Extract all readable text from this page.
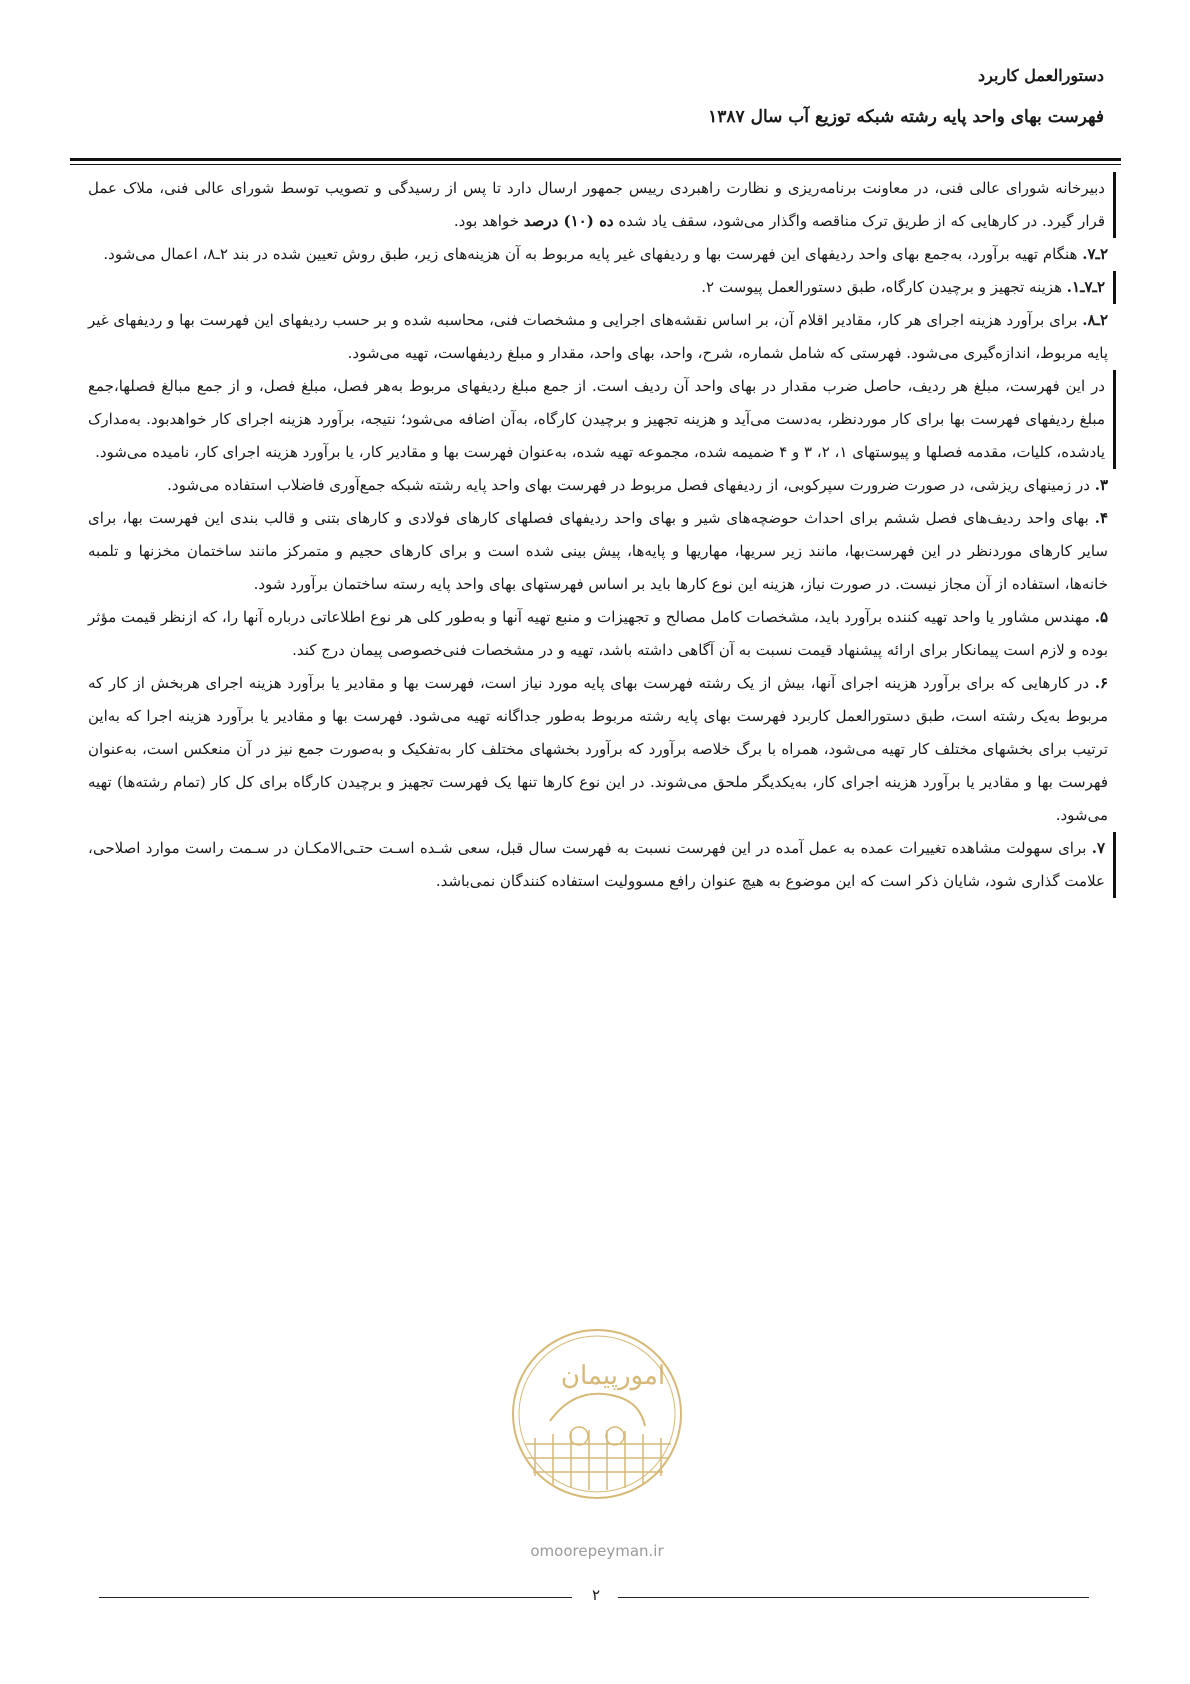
دستورالعمل کاربرد
فهرست بهای واحد پایه رشته شبکه توزیع آب سال ۱۳۸۷

دبیرخانه شورای عالی فنی، در معاونت برنامه‌ریزی و نظارت راهبردی رییس جمهور ارسال دارد تا پس از رسیدگی و تصویب توسط شورای عالی فنی، ملاک عمل قرار گیرد. در کارهایی که از طریق ترک مناقصه واگذار می‌شود، سقف یاد شده ده (۱۰) درصد خواهد بود.

۲ـ۷. هنگام تهیه برآورد، به‌جمع بهای واحد ردیفهای این فهرست بها و ردیفهای غیر پایه مربوط به آن هزینه‌های زیر، طبق روش تعیین شده در بند ۲ـ۸، اعمال می‌شود.

۲ـ۷ـ۱. هزینه تجهیز و برچیدن کارگاه، طبق دستورالعمل پیوست ۲.

۲ـ۸. برای برآورد هزینه اجرای هر کار، مقادیر اقلام آن، بر اساس نقشه‌های اجرایی و مشخصات فنی، محاسبه شده و بر حسب ردیفهای این فهرست بها و ردیفهای غیر پایه مربوط، اندازه‌گیری می‌شود. فهرستی که شامل شماره، شرح، واحد، بهای واحد، مقدار و مبلغ ردیفهاست، تهیه می‌شود.

در این فهرست، مبلغ هر ردیف، حاصل ضرب مقدار در بهای واحد آن ردیف است. از جمع مبلغ ردیفهای مربوط به‌هر فصل، مبلغ فصل، و از جمع مبالغ فصلها،جمع مبلغ ردیفهای فهرست بها برای کار موردنظر، به‌دست می‌آید و هزینه تجهیز و برچیدن کارگاه، به‌آن اضافه می‌شود؛ نتیجه، برآورد هزینه اجرای کار خواهدبود. به‌مدارک یادشده، کلیات، مقدمه فصلها و پیوستهای ۱، ۲، ۳ و ۴ ضمیمه شده، مجموعه تهیه شده، به‌عنوان فهرست بها و مقادیر کار، یا برآورد هزینه اجرای کار، نامیده می‌شود.

۳. در زمینهای ریزشی، در صورت ضرورت سپرکوبی، از ردیفهای فصل مربوط در فهرست بهای واحد پایه رشته شبکه جمع‌آوری فاضلاب استفاده می‌شود.

۴. بهای واحد ردیف‌های فصل ششم برای احداث حوضچه‌های شیر و بهای واحد ردیفهای فصلهای کارهای فولادی و کارهای بتنی و قالب بندی این فهرست بها، برای سایر کارهای موردنظر در این فهرست‌بها، مانند زیر سریها، مهاریها و پایه‌ها، پیش بینی شده است و برای کارهای حجیم و متمرکز مانند ساختمان مخزنها و تلمبه خانه‌ها، استفاده از آن مجاز نیست. در صورت نیاز، هزینه این نوع کارها باید بر اساس فهرستهای بهای واحد پایه رسته ساختمان برآورد شود.

۵. مهندس مشاور یا واحد تهیه کننده برآورد باید، مشخصات کامل مصالح و تجهیزات و منبع تهیه آنها و به‌طور کلی هر نوع اطلاعاتی درباره آنها را، که ازنظر قیمت مؤثر بوده و لازم است پیمانکار برای ارائه پیشنهاد قیمت نسبت به آن آگاهی داشته باشد، تهیه و در مشخصات فنی‌خصوصی پیمان درج کند.

۶. در کارهایی که برای برآورد هزینه اجرای آنها، بیش از یک رشته فهرست بهای پایه مورد نیاز است، فهرست بها و مقادیر یا برآورد هزینه اجرای هربخش از کار که مربوط به‌یک رشته است، طبق دستورالعمل کاربرد فهرست بهای پایه رشته مربوط به‌طور جداگانه تهیه می‌شود. فهرست بها و مقادیر یا برآورد هزینه اجرا که به‌این ترتیب برای بخشهای مختلف کار تهیه می‌شود، همراه با برگ خلاصه برآورد که برآورد بخشهای مختلف کار به‌تفکیک و به‌صورت جمع نیز در آن منعکس است، به‌عنوان فهرست بها و مقادیر یا برآورد هزینه اجرای کار، به‌یکدیگر ملحق می‌شوند. در این نوع کارها تنها یک فهرست تجهیز و برچیدن کارگاه برای کل کار (تمام رشته‌ها) تهیه می‌شود.

۷. برای سهولت مشاهده تغییرات عمده به عمل آمده در این فهرست نسبت به فهرست سال قبل، سعی شـده اسـت حتـی‌الامکـان در سـمت راست موارد اصلاحی، علامت گذاری شود، شایان ذکر است که این موضوع به هیچ عنوان رافع مسوولیت استفاده کنندگان نمی‌باشد.

امورپیمان
omoorepeyman.ir
۲
